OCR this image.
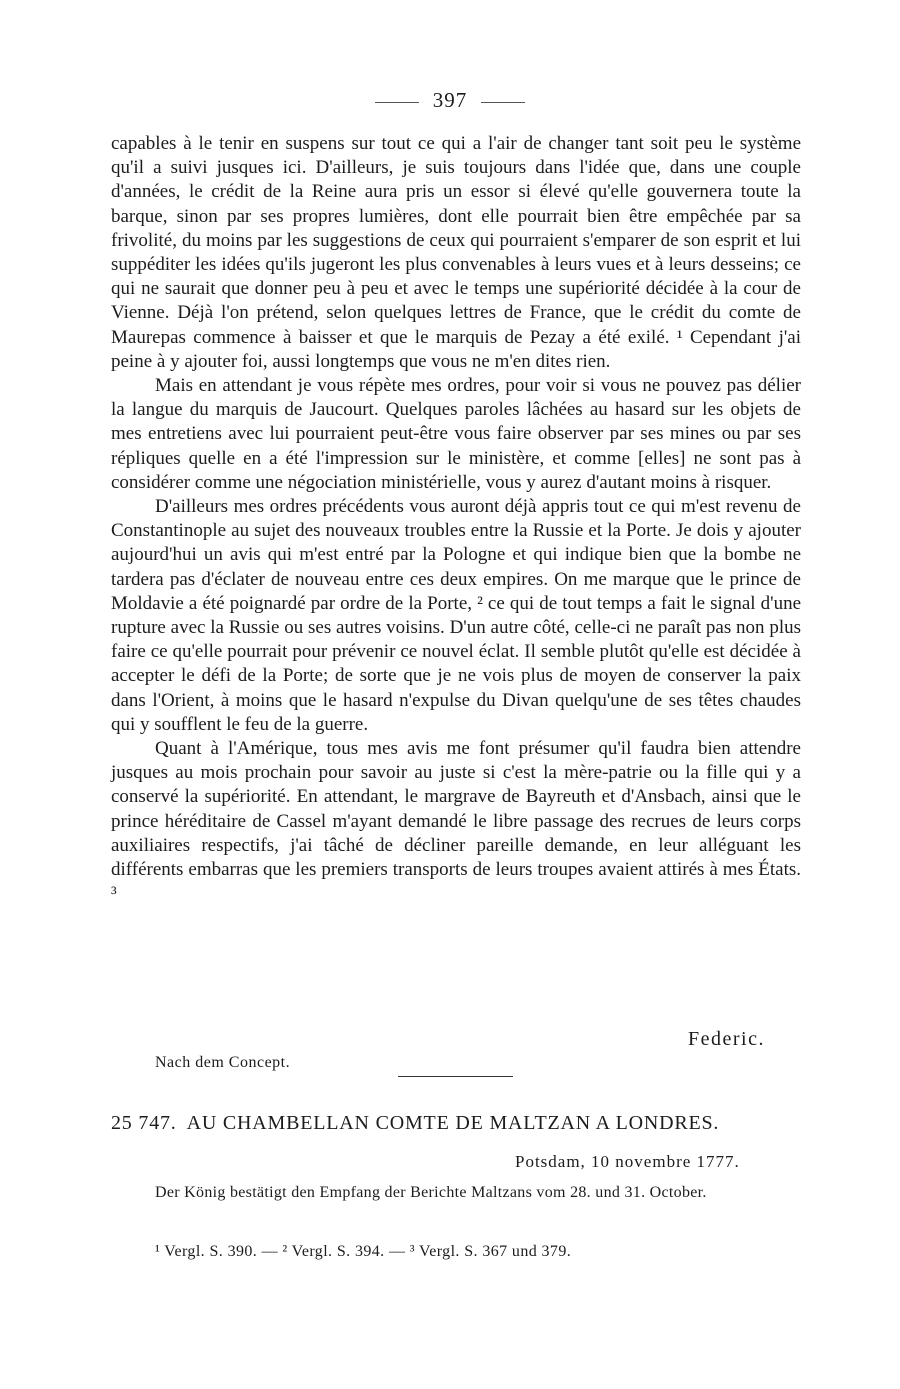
397

capables à le tenir en suspens sur tout ce qui a l'air de changer tant soit peu le système qu'il a suivi jusques ici. D'ailleurs, je suis toujours dans l'idée que, dans une couple d'années, le crédit de la Reine aura pris un essor si élevé qu'elle gouvernera toute la barque, sinon par ses propres lumières, dont elle pourrait bien être empêchée par sa frivolité, du moins par les suggestions de ceux qui pourraient s'emparer de son esprit et lui suppéditer les idées qu'ils jugeront les plus convenables à leurs vues et à leurs desseins; ce qui ne saurait que donner peu à peu et avec le temps une supériorité décidée à la cour de Vienne. Déjà l'on prétend, selon quelques lettres de France, que le crédit du comte de Maurepas commence à baisser et que le marquis de Pezay a été exilé. ¹ Cependant j'ai peine à y ajouter foi, aussi longtemps que vous ne m'en dites rien.

Mais en attendant je vous répète mes ordres, pour voir si vous ne pouvez pas délier la langue du marquis de Jaucourt. Quelques paroles lâchées au hasard sur les objets de mes entretiens avec lui pourraient peut-être vous faire observer par ses mines ou par ses répliques quelle en a été l'impression sur le ministère, et comme [elles] ne sont pas à considérer comme une négociation ministérielle, vous y aurez d'autant moins à risquer.

D'ailleurs mes ordres précédents vous auront déjà appris tout ce qui m'est revenu de Constantinople au sujet des nouveaux troubles entre la Russie et la Porte. Je dois y ajouter aujourd'hui un avis qui m'est entré par la Pologne et qui indique bien que la bombe ne tardera pas d'éclater de nouveau entre ces deux empires. On me marque que le prince de Moldavie a été poignardé par ordre de la Porte, ² ce qui de tout temps a fait le signal d'une rupture avec la Russie ou ses autres voisins. D'un autre côté, celle-ci ne paraît pas non plus faire ce qu'elle pourrait pour prévenir ce nouvel éclat. Il semble plutôt qu'elle est décidée à accepter le défi de la Porte; de sorte que je ne vois plus de moyen de conserver la paix dans l'Orient, à moins que le hasard n'expulse du Divan quelqu'une de ses têtes chaudes qui y soufflent le feu de la guerre.

Quant à l'Amérique, tous mes avis me font présumer qu'il faudra bien attendre jusques au mois prochain pour savoir au juste si c'est la mère-patrie ou la fille qui y a conservé la supériorité. En attendant, le margrave de Bayreuth et d'Ansbach, ainsi que le prince héréditaire de Cassel m'ayant demandé le libre passage des recrues de leurs corps auxiliaires respectifs, j'ai tâché de décliner pareille demande, en leur alléguant les différents embarras que les premiers transports de leurs troupes avaient attirés à mes États. ³

Federic.
Nach dem Concept.
25 747. AU CHAMBELLAN COMTE DE MALTZAN A LONDRES.
Potsdam, 10 novembre 1777.
Der König bestätigt den Empfang der Berichte Maltzans vom 28. und 31. October.
¹ Vergl. S. 390. — ² Vergl. S. 394. — ³ Vergl. S. 367 und 379.
